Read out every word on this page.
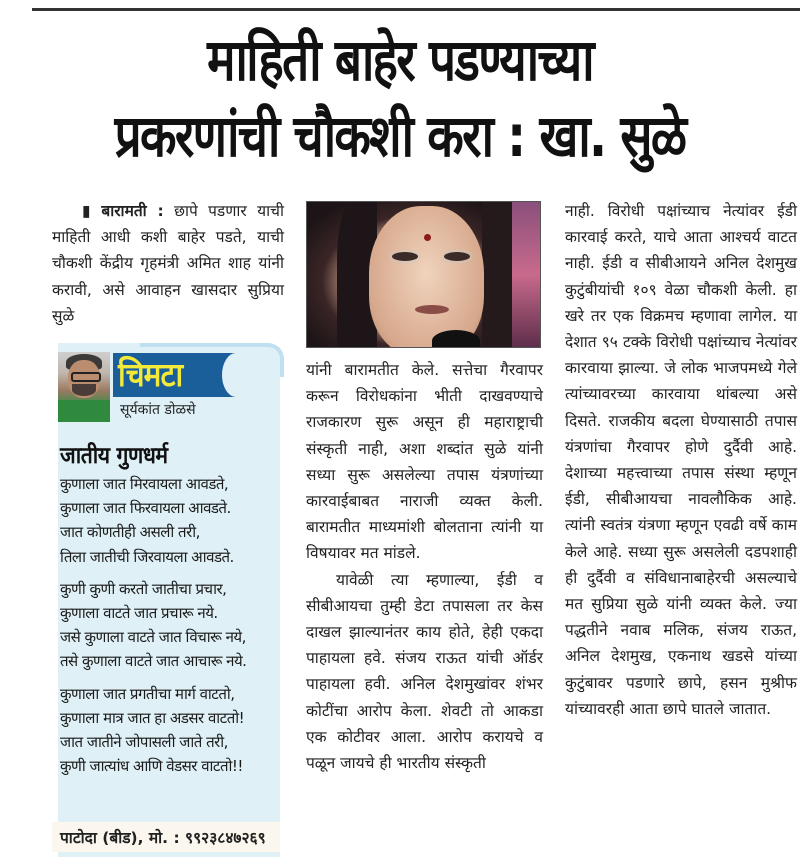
माहिती बाहेर पडण्याच्या
प्रकरणांची चौकशी करा : खा. सुळे

▮ बारामती : छापे पडणार याची माहिती आधी कशी बाहेर पडते, याची चौकशी केंद्रीय गृहमंत्री अमित शाह यांनी करावी, असे आवाहन खासदार सुप्रिया सुळे

चिमटा
सूर्यकांत डोळसे
जातीय गुणधर्म
कुणाला जात मिरवायला आवडते,
कुणाला जात फिरवायला आवडते.
जात कोणतीही असली तरी,
तिला जातीची जिरवायला आवडते.
कुणी कुणी करतो जातीचा प्रचार,
कुणाला वाटते जात प्रचारू नये.
जसे कुणाला वाटते जात विचारू नये,
तसे कुणाला वाटते जात आचारू नये.
कुणाला जात प्रगतीचा मार्ग वाटतो,
कुणाला मात्र जात हा अडसर वाटतो!
जात जातीने जोपासली जाते तरी,
कुणी जात्यांध आणि वेडसर वाटतो!!
पाटोदा (बीड), मो. : ९९२३८४७२६९

यांनी बारामतीत केले. सत्तेचा गैरवापर करून विरोधकांना भीती दाखवण्याचे राजकारण सुरू असून ही महाराष्ट्राची संस्कृती नाही, अशा शब्दांत सुळे यांनी सध्या सुरू असलेल्या तपास यंत्रणांच्या कारवाईबाबत नाराजी व्यक्त केली. बारामतीत माध्यमांशी बोलताना त्यांनी या विषयावर मत मांडले.

यावेळी त्या म्हणाल्या, ईडी व सीबीआयचा तुम्ही डेटा तपासला तर केस दाखल झाल्यानंतर काय होते, हेही एकदा पाहायला हवे. संजय राऊत यांची ऑर्डर पाहायला हवी. अनिल देशमुखांवर शंभर कोटींचा आरोप केला. शेवटी तो आकडा एक कोटीवर आला. आरोप करायचे व पळून जायचे ही भारतीय संस्कृती

नाही. विरोधी पक्षांच्याच नेत्यांवर ईडी कारवाई करते, याचे आता आश्चर्य वाटत नाही. ईडी व सीबीआयने अनिल देशमुख कुटुंबीयांची १०९ वेळा चौकशी केली. हा खरे तर एक विक्रमच म्हणावा लागेल. या देशात ९५ टक्के विरोधी पक्षांच्याच नेत्यांवर कारवाया झाल्या. जे लोक भाजपमध्ये गेले त्यांच्यावरच्या कारवाया थांबल्या असे दिसते. राजकीय बदला घेण्यासाठी तपास यंत्रणांचा गैरवापर होणे दुर्दैवी आहे. देशाच्या महत्त्वाच्या तपास संस्था म्हणून ईडी, सीबीआयचा नावलौकिक आहे. त्यांनी स्वतंत्र यंत्रणा म्हणून एवढी वर्षे काम केले आहे. सध्या सुरू असलेली दडपशाही ही दुर्दैवी व संविधानाबाहेरची असल्याचे मत सुप्रिया सुळे यांनी व्यक्त केले. ज्या पद्धतीने नवाब मलिक, संजय राऊत, अनिल देशमुख, एकनाथ खडसे यांच्या कुटुंबावर पडणारे छापे, हसन मुश्रीफ यांच्यावरही आता छापे घातले जातात.
